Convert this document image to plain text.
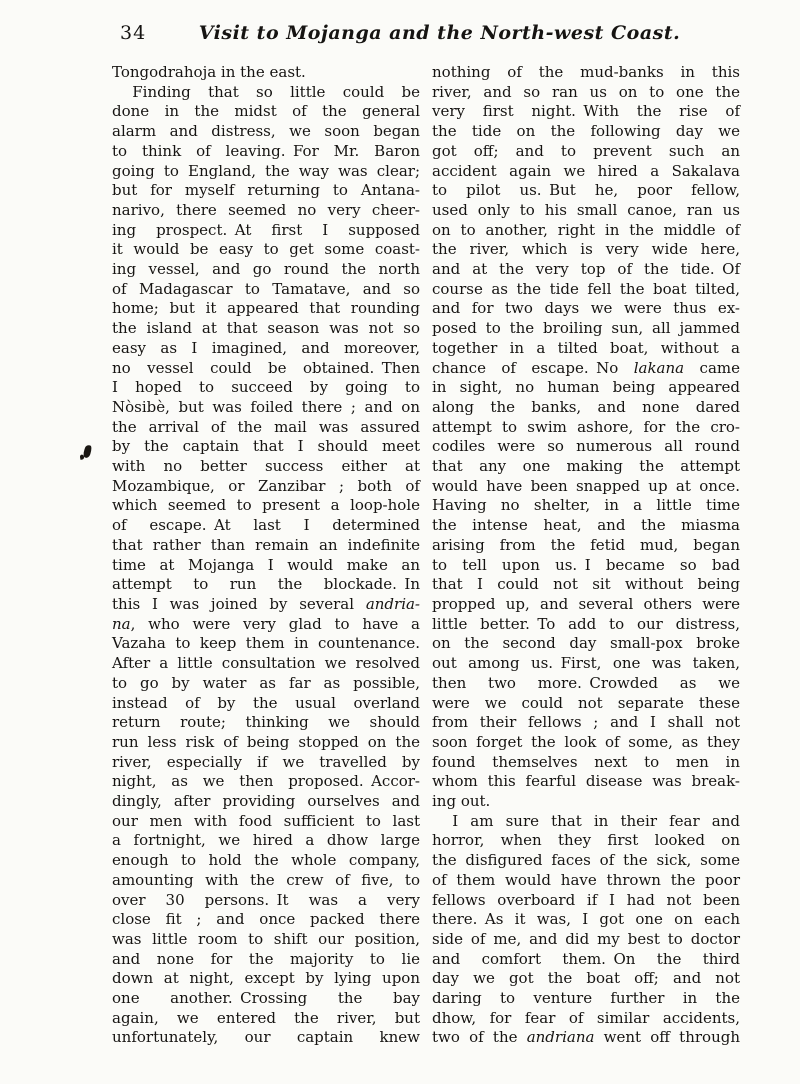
34	Visit to Mojanga and the North-west Coast.
Tongodrahoja in the east.
Finding that so little could be
done in the midst of the general
alarm and distress, we soon began
to think of leaving. For Mr. Baron
going to England, the way was clear;
but for myself returning to Antana-
narivo, there seemed no very cheer-
ing prospect. At first I supposed
it would be easy to get some coast-
ing vessel, and go round the north
of Madagascar to Tamatave, and so
home; but it appeared that rounding
the island at that season was not so
easy as I imagined, and moreover,
no vessel could be obtained. Then
I hoped to succeed by going to
Nòsibè, but was foiled there ; and on
the arrival of the mail was assured
by the captain that I should meet
with no better success either at
Mozambique, or Zanzibar ; both of
which seemed to present a loop-hole
of escape. At last I determined
that rather than remain an indefinite
time at Mojanga I would make an
attempt to run the blockade. In
this I was joined by several andria-
na, who were very glad to have a
Vazaha to keep them in countenance.
After a little consultation we resolved
to go by water as far as possible,
instead of by the usual overland
return route; thinking we should
run less risk of being stopped on the
river, especially if we travelled by
night, as we then proposed. Accor-
dingly, after providing ourselves and
our men with food sufficient to last
a fortnight, we hired a dhow large
enough to hold the whole company,
amounting with the crew of five, to
over 30 persons. It was a very
close fit ; and once packed there
was little room to shift our position,
and none for the majority to lie
down at night, except by lying upon
one another. Crossing the bay
again, we entered the river, but
unfortunately, our captain knew
nothing of the mud-banks in this
river, and so ran us on to one the
very first night. With the rise of
the tide on the following day we
got off; and to prevent such an
accident again we hired a Sakalava
to pilot us. But he, poor fellow,
used only to his small canoe, ran us
on to another, right in the middle of
the river, which is very wide here,
and at the very top of the tide. Of
course as the tide fell the boat tilted,
and for two days we were thus ex-
posed to the broiling sun, all jammed
together in a tilted boat, without a
chance of escape. No lakana came
in sight, no human being appeared
along the banks, and none dared
attempt to swim ashore, for the cro-
codiles were so numerous all round
that any one making the attempt
would have been snapped up at once.
Having no shelter, in a little time
the intense heat, and the miasma
arising from the fetid mud, began
to tell upon us. I became so bad
that I could not sit without being
propped up, and several others were
little better. To add to our distress,
on the second day small-pox broke
out among us. First, one was taken,
then two more. Crowded as we
were we could not separate these
from their fellows ; and I shall not
soon forget the look of some, as they
found themselves next to men in
whom this fearful disease was break-
ing out.
I am sure that in their fear and
horror, when they first looked on
the disfigured faces of the sick, some
of them would have thrown the poor
fellows overboard if I had not been
there. As it was, I got one on each
side of me, and did my best to doctor
and comfort them. On the third
day we got the boat off; and not
daring to venture further in the
dhow, for fear of similar accidents,
two of the andriana went off through
